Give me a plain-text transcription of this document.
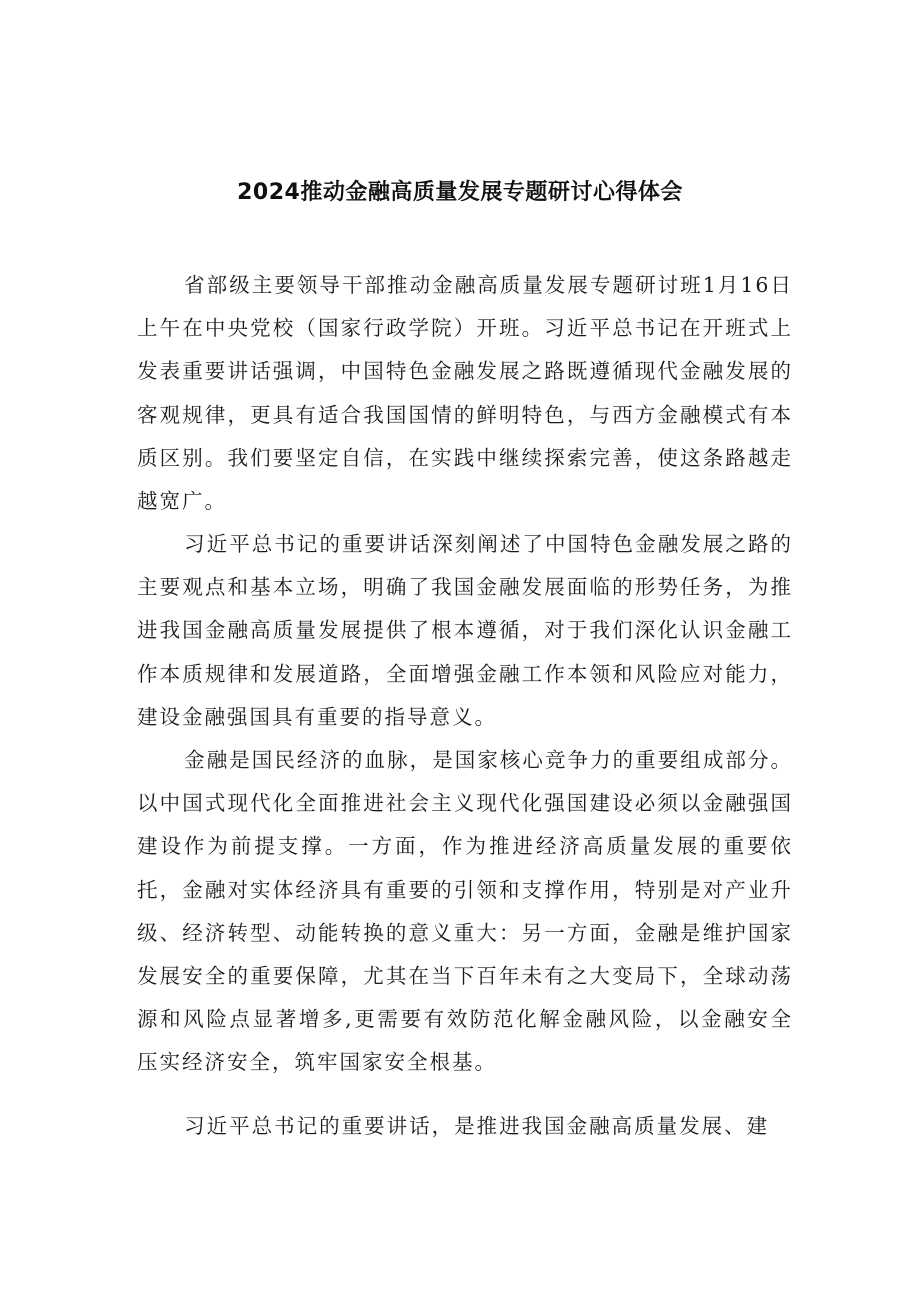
2024推动金融高质量发展专题研讨心得体会

省部级主要领导干部推动金融高质量发展专题研讨班1月16日上午在中央党校（国家行政学院）开班。习近平总书记在开班式上发表重要讲话强调，中国特色金融发展之路既遵循现代金融发展的客观规律，更具有适合我国国情的鲜明特色，与西方金融模式有本质区别。我们要坚定自信，在实践中继续探索完善，使这条路越走越宽广。

习近平总书记的重要讲话深刻阐述了中国特色金融发展之路的主要观点和基本立场，明确了我国金融发展面临的形势任务，为推进我国金融高质量发展提供了根本遵循，对于我们深化认识金融工作本质规律和发展道路，全面增强金融工作本领和风险应对能力，建设金融强国具有重要的指导意义。

金融是国民经济的血脉，是国家核心竞争力的重要组成部分。以中国式现代化全面推进社会主义现代化强国建设必须以金融强国建设作为前提支撑。一方面，作为推进经济高质量发展的重要依托，金融对实体经济具有重要的引领和支撑作用，特别是对产业升级、经济转型、动能转换的意义重大：另一方面，金融是维护国家发展安全的重要保障，尤其在当下百年未有之大变局下，全球动荡源和风险点显著增多,更需要有效防范化解金融风险，以金融安全压实经济安全，筑牢国家安全根基。

习近平总书记的重要讲话，是推进我国金融高质量发展、建
